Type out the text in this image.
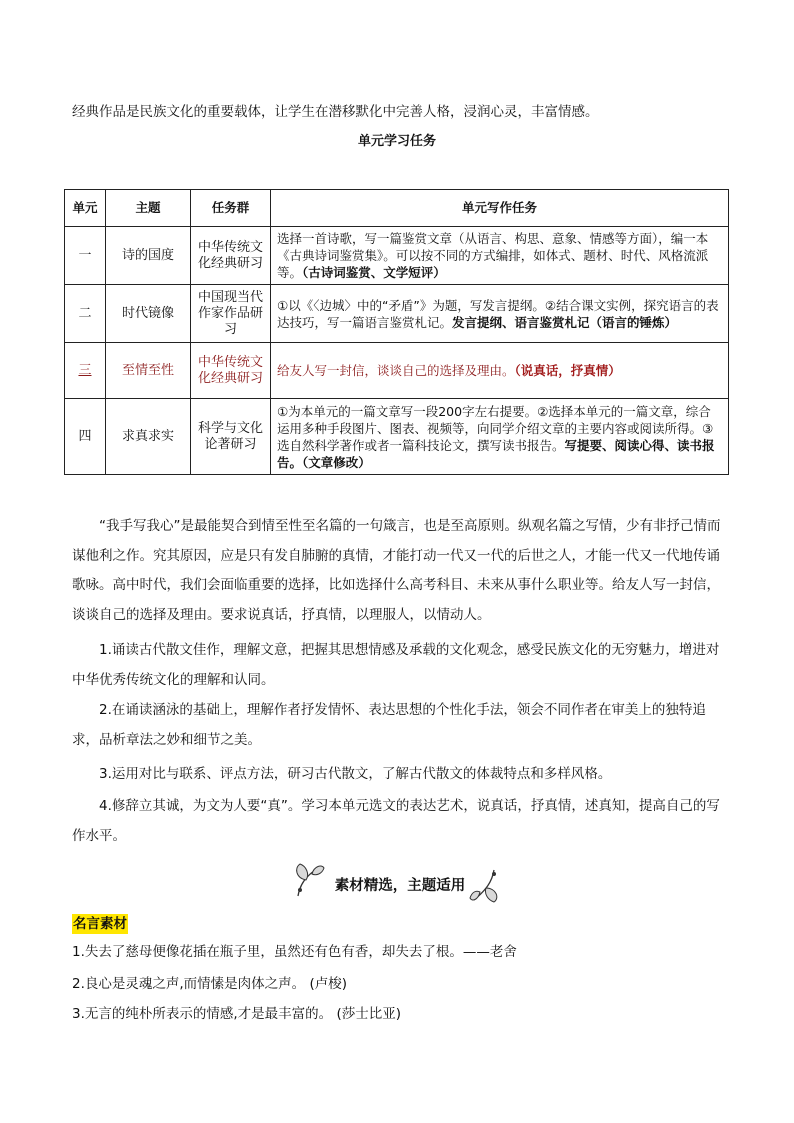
经典作品是民族文化的重要载体，让学生在潜移默化中完善人格，浸润心灵，丰富情感。
单元学习任务
单元	主题	任务群	单元写作任务
一	诗的国度	中华传统文化经典研习	选择一首诗歌，写一篇鉴赏文章（从语言、构思、意象、情感等方面），编一本《古典诗词鉴赏集》。可以按不同的方式编排，如体式、题材、时代、风格流派等。（古诗词鉴赏、文学短评）
二	时代镜像	中国现当代作家作品研习	①以《〈边城〉中的“矛盾”》为题，写发言提纲。②结合课文实例，探究语言的表达技巧，写一篇语言鉴赏札记。发言提纲、语言鉴赏札记（语言的锤炼）
三	至情至性	中华传统文化经典研习	给友人写一封信，谈谈自己的选择及理由。（说真话，抒真情）
四	求真求实	科学与文化论著研习	①为本单元的一篇文章写一段200字左右提要。②选择本单元的一篇文章，综合运用多种手段图片、图表、视频等，向同学介绍文章的主要内容或阅读所得。③选自然科学著作或者一篇科技论文，撰写读书报告。写提要、阅读心得、读书报告。（文章修改）
“我手写我心”是最能契合到情至性至名篇的一句箴言，也是至高原则。纵观名篇之写情，少有非抒己情而谋他利之作。究其原因，应是只有发自肺腑的真情，才能打动一代又一代的后世之人，才能一代又一代地传诵歌咏。高中时代，我们会面临重要的选择，比如选择什么高考科目、未来从事什么职业等。给友人写一封信，谈谈自己的选择及理由。要求说真话，抒真情，以理服人，以情动人。
1.诵读古代散文佳作，理解文意，把握其思想情感及承载的文化观念，感受民族文化的无穷魅力，增进对中华优秀传统文化的理解和认同。
2.在诵读涵泳的基础上，理解作者抒发情怀、表达思想的个性化手法，领会不同作者在审美上的独特追求，品析章法之妙和细节之美。
3.运用对比与联系、评点方法，研习古代散文，了解古代散文的体裁特点和多样风格。
4.修辞立其诚，为文为人要“真”。学习本单元选文的表达艺术，说真话，抒真情，述真知，提高自己的写作水平。
素材精选，主题适用
名言素材
1.失去了慈母便像花插在瓶子里，虽然还有色有香，却失去了根。——老舍
2.良心是灵魂之声,而情愫是肉体之声。 (卢梭)
3.无言的纯朴所表示的情感,才是最丰富的。 (莎士比亚)
